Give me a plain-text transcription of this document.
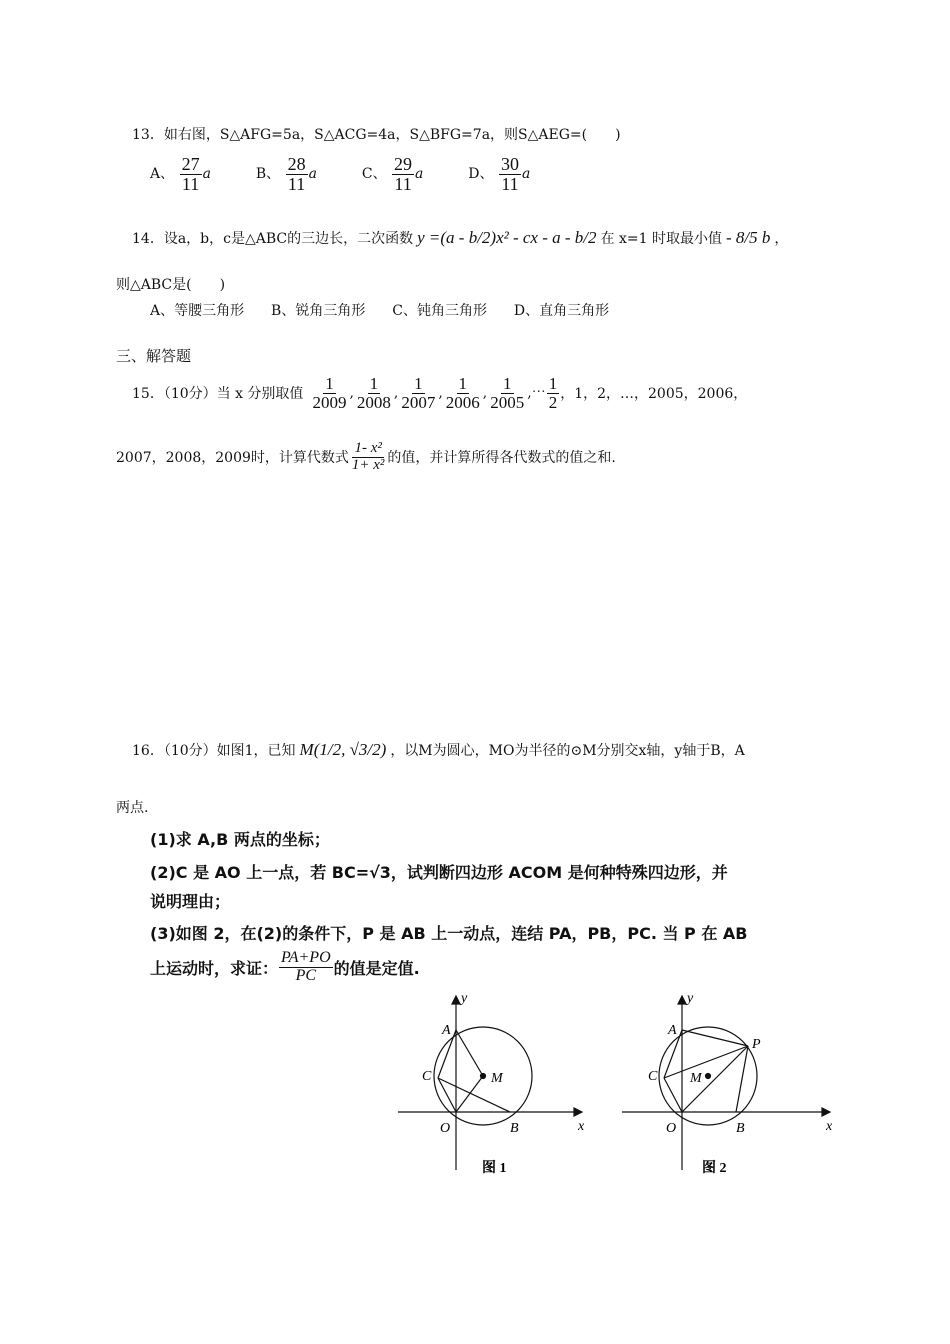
13．如右图，S△AFG=5a，S△ACG=4a，S△BFG=7a，则S△AEG=(　　)
A、 $\frac{27}{11}$ a	B、 $\frac{28}{11}$ a	C、 $\frac{29}{11}$ a	D、 $\frac{30}{11}$ a
14．设a，b，c是△ABC的三边长，二次函数 y =(a - b/2)x² - cx - a - b/2 在 x=1 时取最小值 - 8/5 b ，
则△ABC是(　　)
A、等腰三角形 B、锐角三角形 C、钝角三角形 D、直角三角形
三、解答题
15．（10分）当 x 分别取值 $\frac{1}{2009}$ , $\frac{1}{2008}$ , $\frac{1}{2007}$ , $\frac{1}{2006}$ , $\frac{1}{2005}$ , ··· $\frac{1}{2}$ ，1，2，…，2005，2006，
2007，2008，2009时，计算代数式 $\frac{\text{1- x²}}{\text{1+ x²}}$ 的值，并计算所得各代数式的值之和.
16．（10分）如图1，已知 M(1/2, √3/2) ，以M为圆心，MO为半径的⊙M分别交x轴，y轴于B，A
两点.
(1)求 A,B 两点的坐标；
(2)C 是 AO 上一点，若 BC=√3，试判断四边形 ACOM 是何种特殊四边形，并
说明理由；
(3)如图 2，在(2)的条件下，P 是 AB 上一动点，连结 PA，PB，PC. 当 P 在 AB
上运动时，求证： $\frac{PA+PO}{PC}$ 的值是定值.
y
x
O
A
B
C	M
图 1
y
x
O
A
B
C M
P
图 2
